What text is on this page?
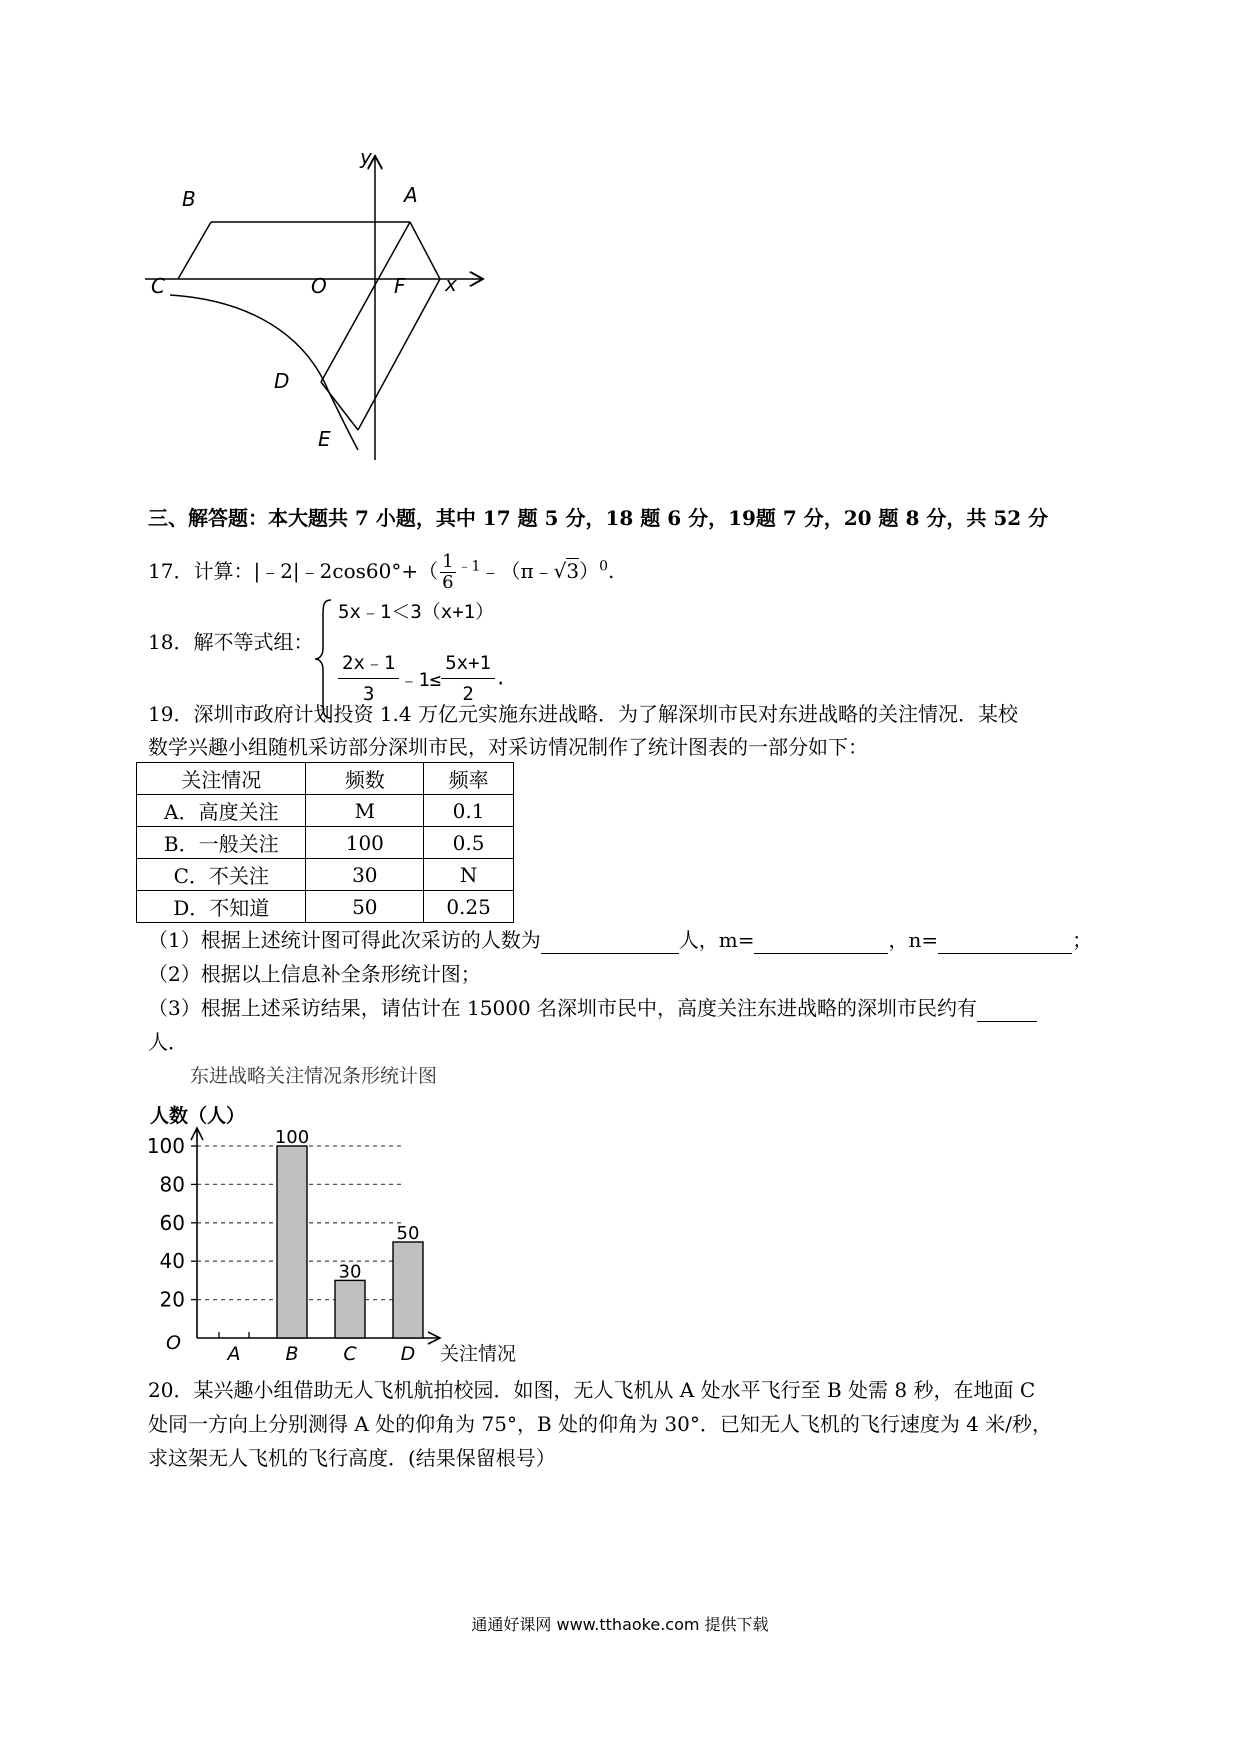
y
x
B	A
C	O	F
D
E
三、解答题：本大题共 7 小题，其中 17 题 5 分，18 题 6 分，19题 7 分，20 题 8 分，共 52 分
17．计算：|﹣2|﹣2cos60°+（ $\frac{1}{6}$ $^{﹣1}$﹣（π﹣√3）$^0$.
18．解不等式组：
5x﹣1＜3（x+1）
$\frac{2x﹣1}{3}$ ﹣1≤ $\frac{5x+1}{2}$ .
19．深圳市政府计划投资 1.4 万亿元实施东进战略．为了解深圳市民对东进战略的关注情况．某校
数学兴趣小组随机采访部分深圳市民，对采访情况制作了统计图表的一部分如下：
关注情况	频数	频率
A．高度关注	M	0.1
B．一般关注	100	0.5
C．不关注	30	N
D．不知道	50	0.25
（1）根据上述统计图可得此次采访的人数为	人，m=	，n=	；
（2）根据以上信息补全条形统计图；
（3）根据上述采访结果，请估计在 15000 名深圳市民中，高度关注东进战略的深圳市民约有
人．
东进战略关注情况条形统计图
人数（人）
关注情况
O
20
40
60
80
100
A
100
B
30
C
50
D
20．某兴趣小组借助无人飞机航拍校园．如图，无人飞机从 A 处水平飞行至 B 处需 8 秒，在地面 C
处同一方向上分别测得 A 处的仰角为 75°，B 处的仰角为 30°．已知无人飞机的飞行速度为 4 米/秒，
求这架无人飞机的飞行高度．(结果保留根号）
通通好课网 www.tthaoke.com 提供下载
